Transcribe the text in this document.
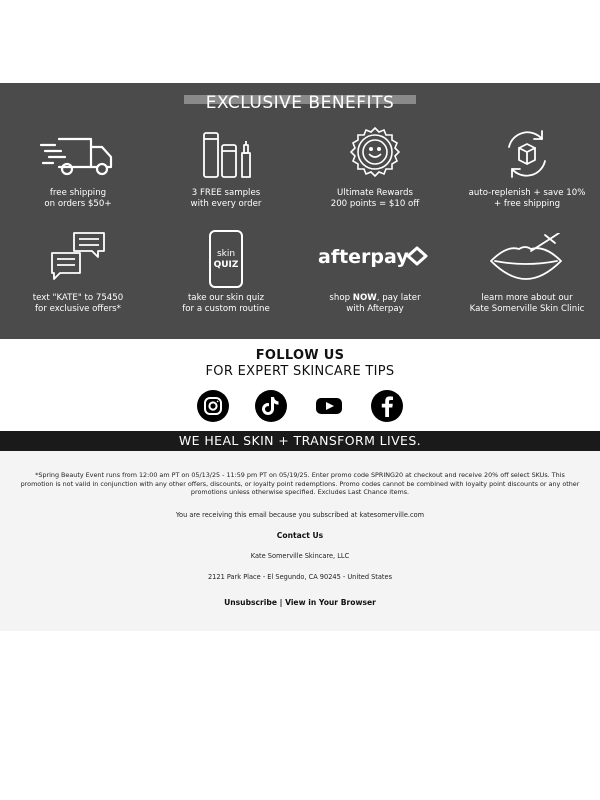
EXCLUSIVE BENEFITS
free shipping
on orders $50+
3 FREE samples
with every order
Ultimate Rewards
200 points = $10 off
auto-replenish + save 10%
+ free shipping
text "KATE" to 75450
for exclusive offers*
skin
QUIZ
take our skin quiz
for a custom routine
afterpay
shop NOW, pay later
with Afterpay
learn more about our
Kate Somerville Skin Clinic
FOLLOW US
FOR EXPERT SKINCARE TIPS
WE HEAL SKIN + TRANSFORM LIVES.
*Spring Beauty Event runs from 12:00 am PT on 05/13/25 - 11:59 pm PT on 05/19/25. Enter promo code SPRING20 at checkout and receive 20% off select SKUs. This promotion is not valid in conjunction with any other offers, discounts, or loyalty point redemptions. Promo codes cannot be combined with loyalty point discounts or any other promotions unless otherwise specified. Excludes Last Chance items.
You are receiving this email because you subscribed at katesomerville.com
Contact Us
Kate Somerville Skincare, LLC
2121 Park Place - El Segundo, CA 90245 - United States
Unsubscribe | View in Your Browser
